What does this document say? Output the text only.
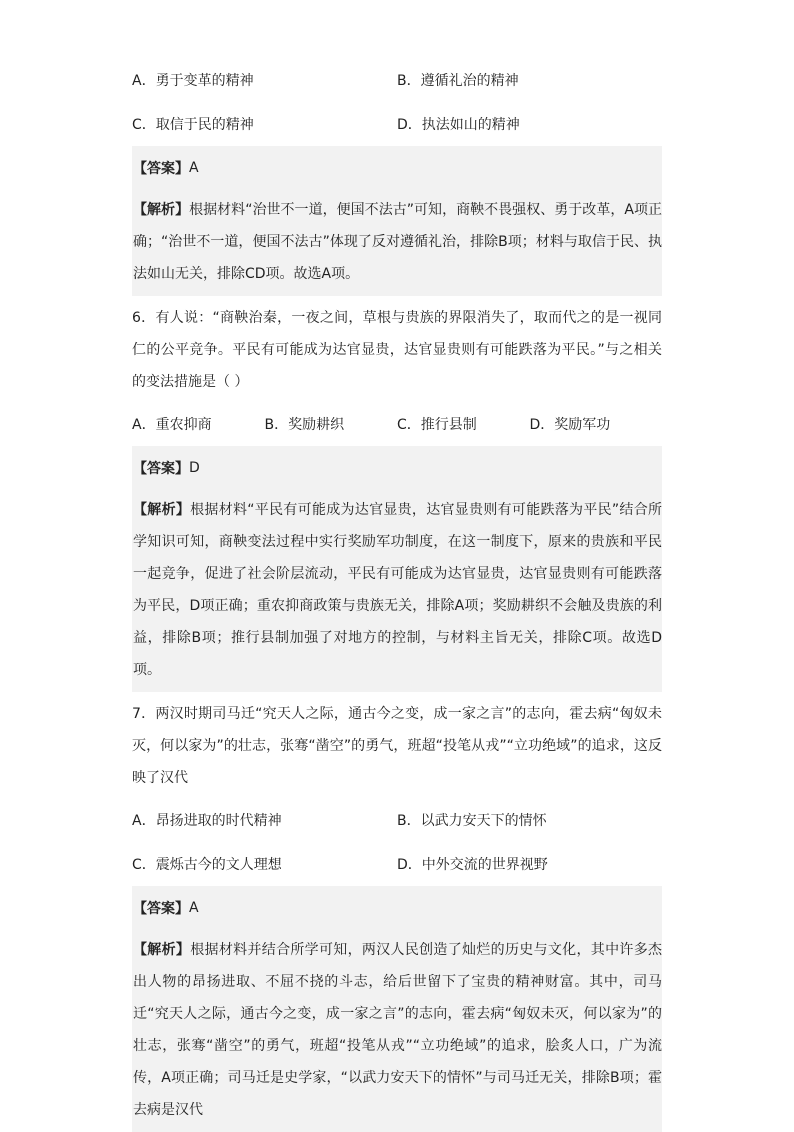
A．勇于变革的精神	B．遵循礼治的精神
C．取信于民的精神	D．执法如山的精神
【答案】 A
【解析】根据材料“治世不一道，便国不法古”可知，商鞅不畏强权、勇于改革，A项正确；“治世不一道，便国不法古”体现了反对遵循礼治，排除B项；材料与取信于民、执法如山无关，排除CD项。故选A项。
6．有人说：“商鞅治秦，一夜之间，草根与贵族的界限消失了，取而代之的是一视同仁的公平竞争。平民有可能成为达官显贵，达官显贵则有可能跌落为平民。”与之相关的变法措施是（ ）
A．重农抑商	B．奖励耕织	C．推行县制	D．奖励军功
【答案】 D
【解析】根据材料“平民有可能成为达官显贵，达官显贵则有可能跌落为平民”结合所学知识可知，商鞅变法过程中实行奖励军功制度，在这一制度下，原来的贵族和平民一起竞争，促进了社会阶层流动，平民有可能成为达官显贵，达官显贵则有可能跌落为平民，D项正确；重农抑商政策与贵族无关，排除A项；奖励耕织不会触及贵族的利益，排除B项；推行县制加强了对地方的控制，与材料主旨无关，排除C项。故选D项。
7．两汉时期司马迁“究天人之际，通古今之变，成一家之言”的志向，霍去病“匈奴未灭，何以家为”的壮志，张骞“凿空”的勇气，班超“投笔从戎”“立功绝域”的追求，这反映了汉代
A．昂扬进取的时代精神	B．以武力安天下的情怀
C．震烁古今的文人理想	D．中外交流的世界视野
【答案】 A
【解析】根据材料并结合所学可知，两汉人民创造了灿烂的历史与文化，其中许多杰出人物的昂扬进取、不屈不挠的斗志，给后世留下了宝贵的精神财富。其中，司马迁“究天人之际，通古今之变，成一家之言”的志向，霍去病“匈奴未灭，何以家为”的壮志，张骞“凿空”的勇气，班超“投笔从戎”“立功绝域”的追求，脍炙人口，广为流传，A项正确；司马迁是史学家，“以武力安天下的情怀”与司马迁无关，排除B项；霍去病是汉代
